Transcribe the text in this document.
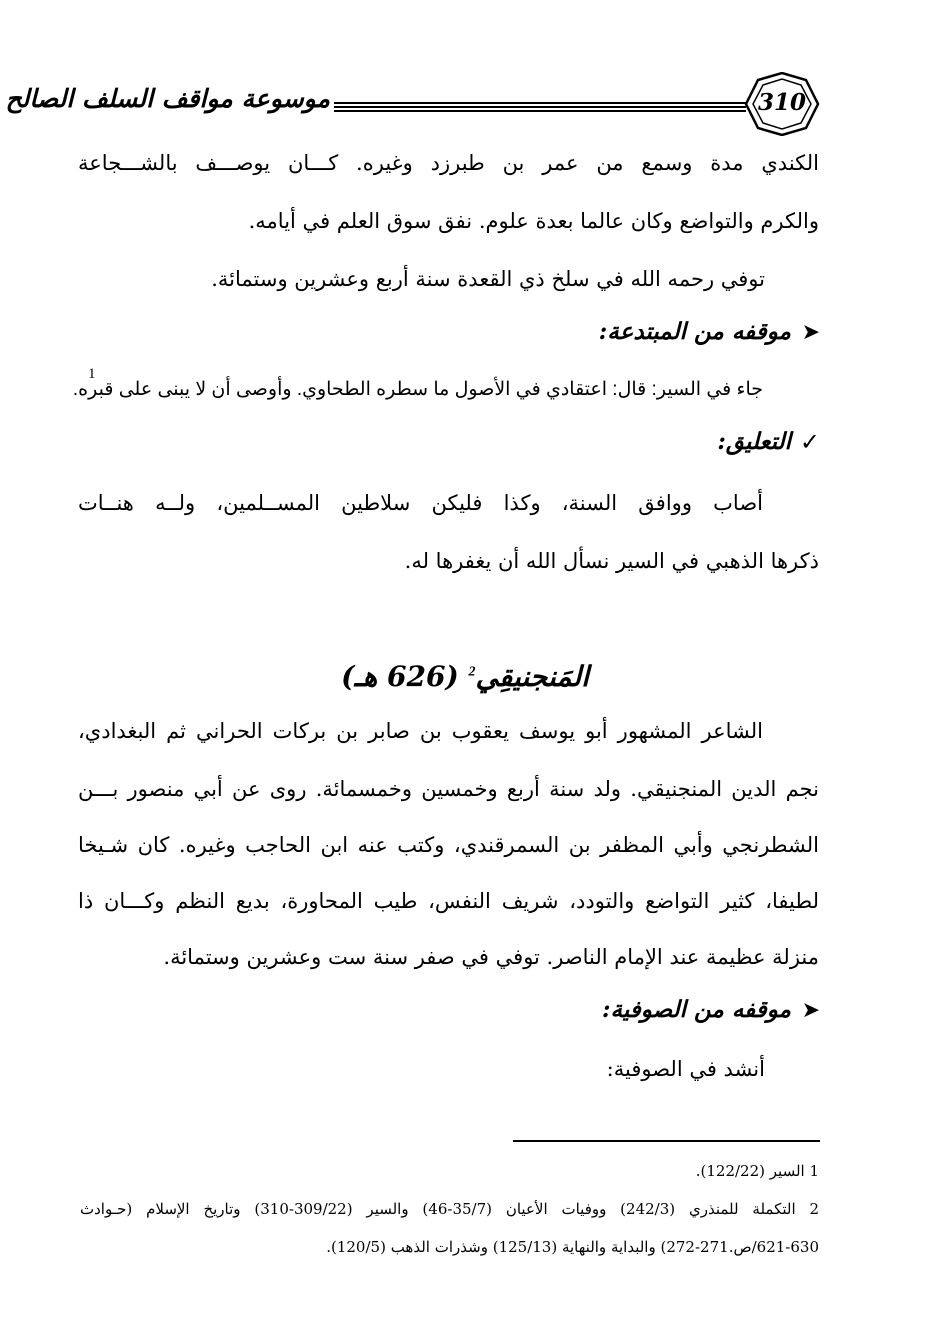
310
موسوعة مواقف السلف الصالح
الكندي مدة وسمع من عمر بن طبرزد وغيره. كـــان يوصـــف بالشـــجاعة
والكرم والتواضع وكان عالما بعدة علوم. نفق سوق العلم في أيامه.
توفي رحمه الله في سلخ ذي القعدة سنة أربع وعشرين وستمائة.
➤
موقفه من المبتدعة:
جاء في السير: قال: اعتقادي في الأصول ما سطره الطحاوي. وأوصى أن لا يبنى على قبره.
1
✓
التعليق:
أصاب ووافق السنة، وكذا فليكن سلاطين المســلمين، ولــه هنــات
ذكرها الذهبي في السير نسأل الله أن يغفرها له.
المَنجنيقِي$^2$ (626 هـ)
الشاعر المشهور أبو يوسف يعقوب بن صابر بن بركات الحراني ثم البغدادي،
نجم الدين المنجنيقي. ولد سنة أربع وخمسين وخمسمائة. روى عن أبي منصور بـــن
الشطرنجي وأبي المظفر بن السمرقندي، وكتب عنه ابن الحاجب وغيره. كان شـيخا
لطيفا، كثير التواضع والتودد، شريف النفس، طيب المحاورة، بديع النظم وكـــان ذا
منزلة عظيمة عند الإمام الناصر. توفي في صفر سنة ست وعشرين وستمائة.
➤
موقفه من الصوفية:
أنشد في الصوفية:
1 السير (122/22).
2 التكملة للمنذري (242/3) ووفيات الأعيان (35/7-46) والسير (309/22-310) وتاريخ الإسلام (حـوادث
621-630/ص.271-272) والبداية والنهاية (125/13) وشذرات الذهب (120/5).
